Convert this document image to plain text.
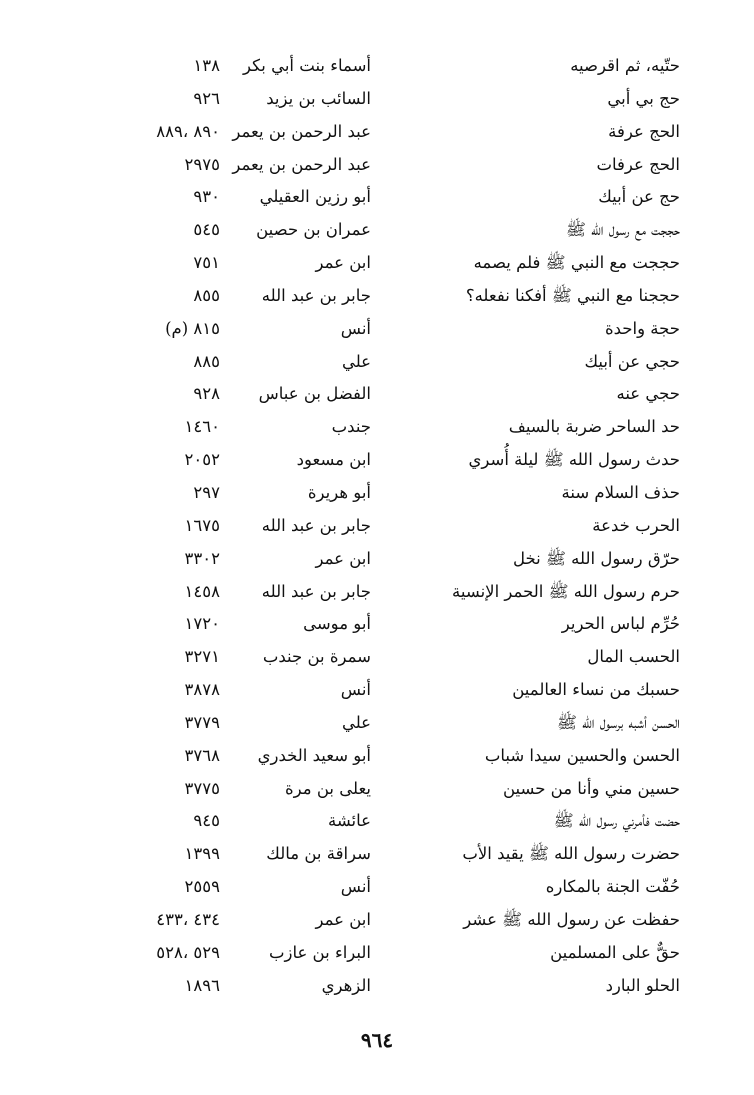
حتّيه، ثم اقرصيه
أسماء بنت أبي بكر
١٣٨
حج بي أبي
السائب بن يزيد
٩٢٦
الحج عرفة
عبد الرحمن بن يعمر
٨٩٠ ،٨٨٩
الحج عرفات
عبد الرحمن بن يعمر
٢٩٧٥
حج عن أبيك
أبو رزين العقيلي
٩٣٠
حججت مع رسول الله ﷺ
عمران بن حصين
٥٤٥
حججت مع النبي ﷺ فلم يصمه
ابن عمر
٧٥١
حججنا مع النبي ﷺ أفكنا نفعله؟
جابر بن عبد الله
٨٥٥
حجة واحدة
أنس
٨١٥ (م)
حجي عن أبيك
علي
٨٨٥
حجي عنه
الفضل بن عباس
٩٢٨
حد الساحر ضربة بالسيف
جندب
١٤٦٠
حدث رسول الله ﷺ ليلة أُسري
ابن مسعود
٢٠٥٢
حذف السلام سنة
أبو هريرة
٢٩٧
الحرب خدعة
جابر بن عبد الله
١٦٧٥
حرّق رسول الله ﷺ نخل
ابن عمر
٣٣٠٢
حرم رسول الله ﷺ الحمر الإنسية
جابر بن عبد الله
١٤٥٨
حُرِّم لباس الحرير
أبو موسى
١٧٢٠
الحسب المال
سمرة بن جندب
٣٢٧١
حسبك من نساء العالمين
أنس
٣٨٧٨
الحسن أشبه برسول الله ﷺ
علي
٣٧٧٩
الحسن والحسين سيدا شباب
أبو سعيد الخدري
٣٧٦٨
حسين مني وأنا من حسين
يعلى بن مرة
٣٧٧٥
حضت فأمرني رسول الله ﷺ
عائشة
٩٤٥
حضرت رسول الله ﷺ يقيد الأب
سراقة بن مالك
١٣٩٩
حُفّت الجنة بالمكاره
أنس
٢٥٥٩
حفظت عن رسول الله ﷺ عشر
ابن عمر
٤٣٤ ،٤٣٣
حقٌّ على المسلمين
البراء بن عازب
٥٢٩ ،٥٢٨
الحلو البارد
الزهري
١٨٩٦
٩٦٤
